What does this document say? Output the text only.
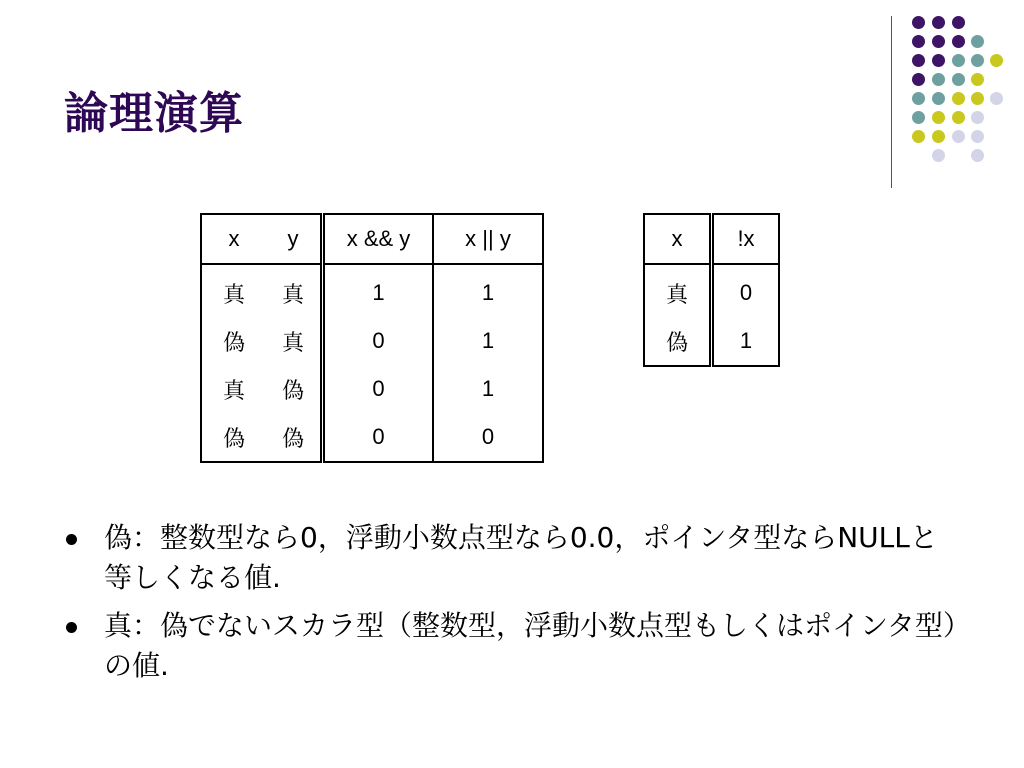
論理演算
x	y	x && y	x || y
真	真	1	1
偽	真	0	1
真	偽	0	1
偽	偽	0	0
x	!x
真	0
偽	1
偽：整数型なら0，浮動小数点型なら0.0，ポインタ型ならNULLと等しくなる値.
真：偽でないスカラ型（整数型，浮動小数点型もしくはポインタ型）の値.
